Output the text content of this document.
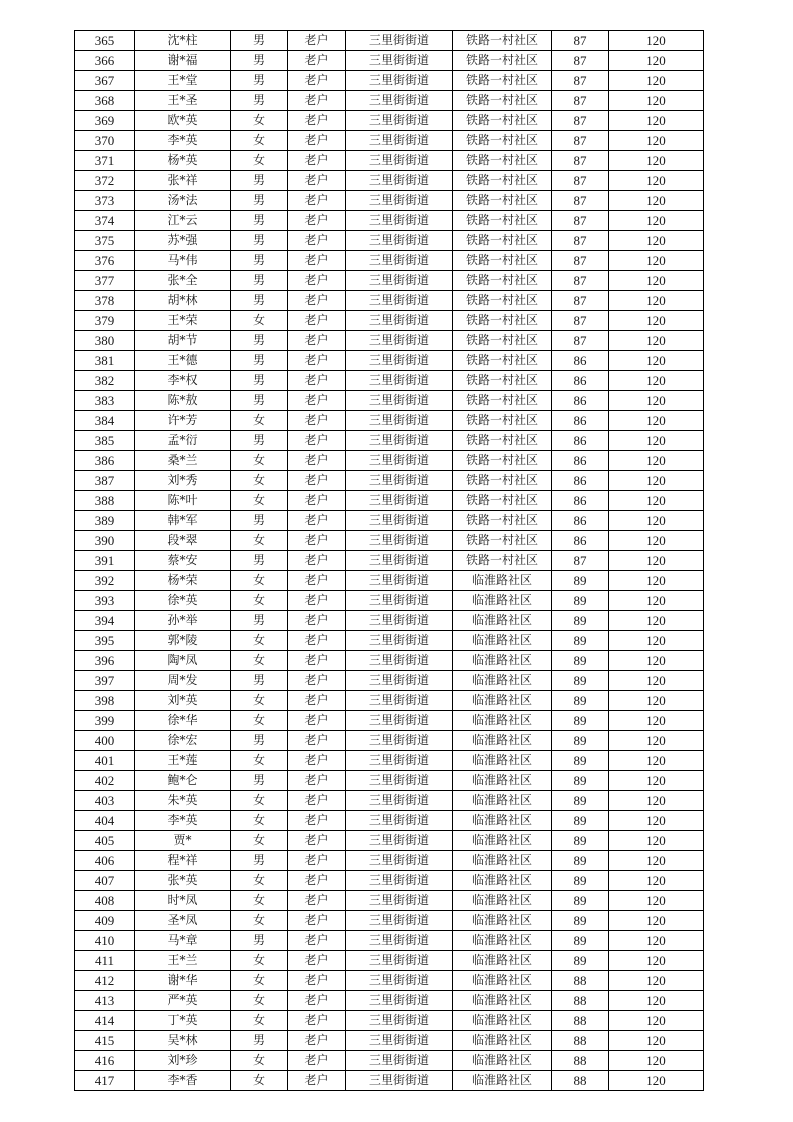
365	沈*柱	男	老户	三里街街道	铁路一村社区	87	120
366	谢*福	男	老户	三里街街道	铁路一村社区	87	120
367	王*堂	男	老户	三里街街道	铁路一村社区	87	120
368	王*圣	男	老户	三里街街道	铁路一村社区	87	120
369	欧*英	女	老户	三里街街道	铁路一村社区	87	120
370	李*英	女	老户	三里街街道	铁路一村社区	87	120
371	杨*英	女	老户	三里街街道	铁路一村社区	87	120
372	张*祥	男	老户	三里街街道	铁路一村社区	87	120
373	汤*法	男	老户	三里街街道	铁路一村社区	87	120
374	江*云	男	老户	三里街街道	铁路一村社区	87	120
375	苏*强	男	老户	三里街街道	铁路一村社区	87	120
376	马*伟	男	老户	三里街街道	铁路一村社区	87	120
377	张*全	男	老户	三里街街道	铁路一村社区	87	120
378	胡*林	男	老户	三里街街道	铁路一村社区	87	120
379	王*荣	女	老户	三里街街道	铁路一村社区	87	120
380	胡*节	男	老户	三里街街道	铁路一村社区	87	120
381	王*德	男	老户	三里街街道	铁路一村社区	86	120
382	李*权	男	老户	三里街街道	铁路一村社区	86	120
383	陈*敖	男	老户	三里街街道	铁路一村社区	86	120
384	许*芳	女	老户	三里街街道	铁路一村社区	86	120
385	孟*衍	男	老户	三里街街道	铁路一村社区	86	120
386	桑*兰	女	老户	三里街街道	铁路一村社区	86	120
387	刘*秀	女	老户	三里街街道	铁路一村社区	86	120
388	陈*叶	女	老户	三里街街道	铁路一村社区	86	120
389	韩*军	男	老户	三里街街道	铁路一村社区	86	120
390	段*翠	女	老户	三里街街道	铁路一村社区	86	120
391	蔡*安	男	老户	三里街街道	铁路一村社区	87	120
392	杨*荣	女	老户	三里街街道	临淮路社区	89	120
393	徐*英	女	老户	三里街街道	临淮路社区	89	120
394	孙*举	男	老户	三里街街道	临淮路社区	89	120
395	郭*陵	女	老户	三里街街道	临淮路社区	89	120
396	陶*凤	女	老户	三里街街道	临淮路社区	89	120
397	周*发	男	老户	三里街街道	临淮路社区	89	120
398	刘*英	女	老户	三里街街道	临淮路社区	89	120
399	徐*华	女	老户	三里街街道	临淮路社区	89	120
400	徐*宏	男	老户	三里街街道	临淮路社区	89	120
401	王*莲	女	老户	三里街街道	临淮路社区	89	120
402	鲍*仑	男	老户	三里街街道	临淮路社区	89	120
403	朱*英	女	老户	三里街街道	临淮路社区	89	120
404	李*英	女	老户	三里街街道	临淮路社区	89	120
405	贾*	女	老户	三里街街道	临淮路社区	89	120
406	程*祥	男	老户	三里街街道	临淮路社区	89	120
407	张*英	女	老户	三里街街道	临淮路社区	89	120
408	时*凤	女	老户	三里街街道	临淮路社区	89	120
409	圣*凤	女	老户	三里街街道	临淮路社区	89	120
410	马*章	男	老户	三里街街道	临淮路社区	89	120
411	王*兰	女	老户	三里街街道	临淮路社区	89	120
412	谢*华	女	老户	三里街街道	临淮路社区	88	120
413	严*英	女	老户	三里街街道	临淮路社区	88	120
414	丁*英	女	老户	三里街街道	临淮路社区	88	120
415	吴*林	男	老户	三里街街道	临淮路社区	88	120
416	刘*珍	女	老户	三里街街道	临淮路社区	88	120
417	李*香	女	老户	三里街街道	临淮路社区	88	120
